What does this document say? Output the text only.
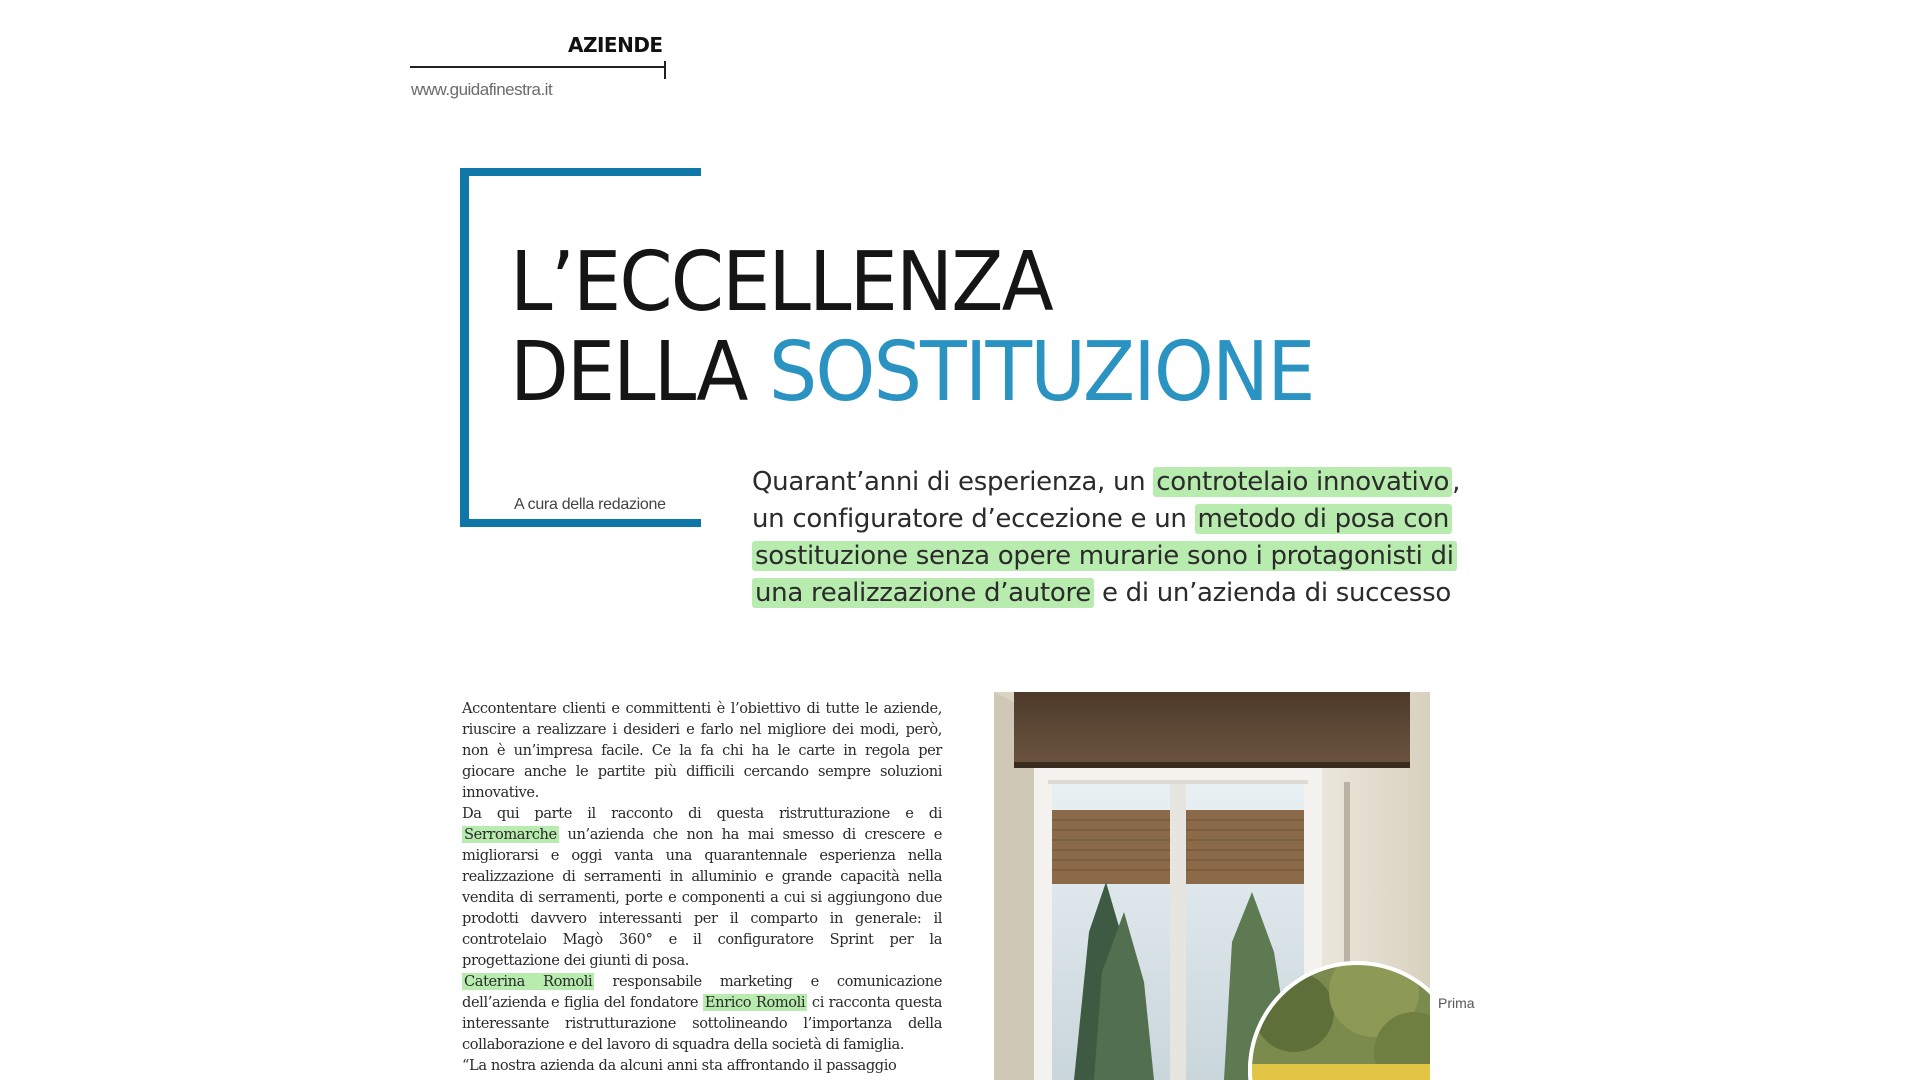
AZIENDE
www.guidafinestra.it
L’ECCELLENZA
DELLA SOSTITUZIONE
A cura della redazione
Quarant’anni di esperienza, un controtelaio innovativo ,
un configuratore d’eccezione e un metodo di posa con
sostituzione senza opere murarie sono i protagonisti di
una realizzazione d’autore e di un’azienda di successo

Accontentare clienti e committenti è l’obiettivo di tutte le aziende, riuscire a realizzare i desideri e farlo nel migliore dei modi, però, non è un’impresa facile. Ce la fa chi ha le carte in regola per giocare anche le partite più difficili cercando sempre soluzioni innovative.

Da qui parte il racconto di questa ristrutturazione e di Serromarche un’azienda che non ha mai smesso di crescere e migliorarsi e oggi vanta una quarantennale esperienza nella realizzazione di serramenti in alluminio e grande capacità nella vendita di serramenti, porte e componenti a cui si aggiungono due prodotti davvero interessanti per il comparto in generale: il controtelaio Magò 360° e il configuratore Sprint per la progettazione dei giunti di posa.

Caterina Romoli responsabile marketing e comunicazione dell’azienda e figlia del fondatore Enrico Romoli ci racconta questa interessante ristrutturazione sottolineando l’importanza della collaborazione e del lavoro di squadra della società di famiglia.

“La nostra azienda da alcuni anni sta affrontando il passaggio

Prima
